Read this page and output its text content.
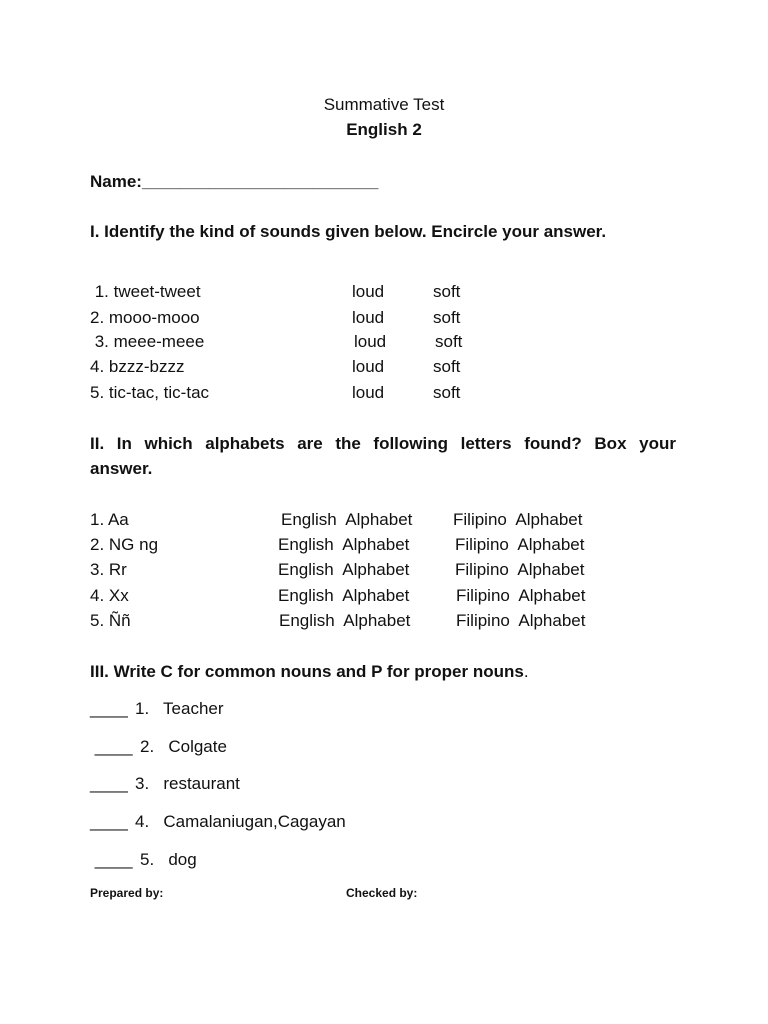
Summative Test
English 2
Name:_________________________
I. Identify the kind of sounds given below. Encircle your answer.
1. tweet-tweet	loud	soft
2. mooo-mooo	loud	soft
3. meee-meee	loud	soft
4. bzzz-bzzz	loud	soft
5. tic-tac, tic-tac	loud	soft
II. In which alphabets are the following letters found? Box your
answer.
1. Aa	English  Alphabet Filipino  Alphabet
2. NG ng	English  Alphabet	Filipino  Alphabet
3. Rr	English  Alphabet	Filipino  Alphabet
4. Xx	English  Alphabet	Filipino  Alphabet
5. Ññ	English  Alphabet	Filipino  Alphabet
III. Write C for common nouns and P for proper nouns.
____ 1.   Teacher
____ 2.   Colgate
____ 3.   restaurant
____ 4.   Camalaniugan,Cagayan
____ 5.   dog
Prepared by:	Checked by:
